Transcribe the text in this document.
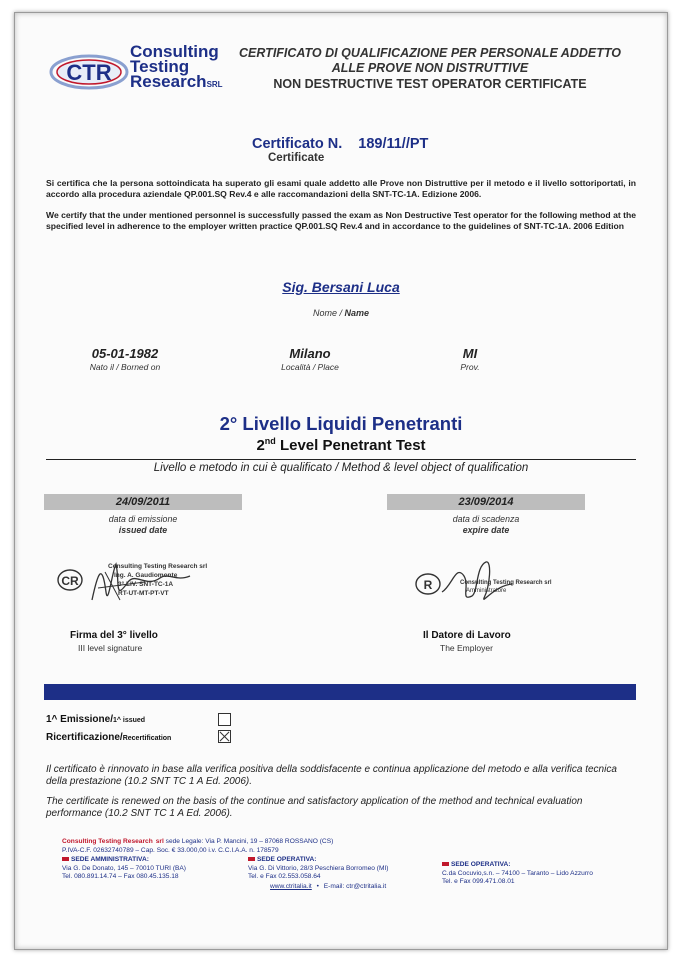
CTR
Consulting
Testing
ResearchSRL
CERTIFICATO DI QUALIFICAZIONE PER PERSONALE ADDETTO
ALLE PROVE NON DISTRUTTIVE
NON DESTRUCTIVE TEST OPERATOR CERTIFICATE
Certificato N. 189/11//PT
Certificate
Si certifica che la persona sottoindicata ha superato gli esami quale addetto alle Prove non Distruttive per il metodo e il livello sottoriportati, in accordo alla procedura aziendale QP.001.SQ Rev.4 e alle raccomandazioni della SNT-TC-1A. Edizione 2006.
We certify that the under mentioned personnel is successfully passed the exam as Non Destructive Test operator for the following method at the specified level in adherence to the employer written practice QP.001.SQ Rev.4 and in accordance to the guidelines of SNT-TC-1A. 2006 Edition
Sig. Bersani Luca
Nome / Name
05-01-1982
Nato il / Borned on
Milano
Località / Place
MI
Prov.
2° Livello Liquidi Penetranti
2nd Level Penetrant Test
Livello e metodo in cui è qualificato / Method & level object of qualification
24/09/2011
data di emissione
issued date
23/09/2014
data di scadenza
expire date
CR
Consulting Testing Research srl
Ing. A. Gaudiomonte
3° LIV. SNT-TC-1A
RT-UT-MT-PT-VT
R	Consulting Testing Research srl
Amministratore
Firma del 3° livello
III level signature
Il Datore di Lavoro
The Employer
1^ Emissione/1^ issued
Ricertificazione/Recertification
Il certificato è rinnovato in base alla verifica positiva della soddisfacente e continua applicazione del metodo e alla verifica tecnica della prestazione (10.2 SNT TC 1 A Ed. 2006).
The certificate is renewed on the basis of the continue and satisfactory application of the method and technical evaluation performance (10.2 SNT TC 1 A Ed. 2006).
Consulting Testing Research srl sede Legale: Via P. Mancini, 19 – 87068 ROSSANO (CS)
P.IVA-C.F. 02632740789 – Cap. Soc. € 33.000,00 i.v. C.C.I.A.A. n. 178579
SEDE AMMINISTRATIVA:
Via G. De Donato, 145 – 70010 TURI (BA)
Tel. 080.891.14.74 – Fax 080.45.135.18
SEDE OPERATIVA:
Via G. Di Vittorio, 28/3 Peschiera Borromeo (MI)
Tel. e Fax 02.553.058.64
SEDE OPERATIVA:
C.da Cocuvio,s.n. – 74100 – Taranto – Lido Azzurro
Tel. e Fax 099.471.08.01
www.ctritalia.it • E-mail: ctr@ctritalia.it
